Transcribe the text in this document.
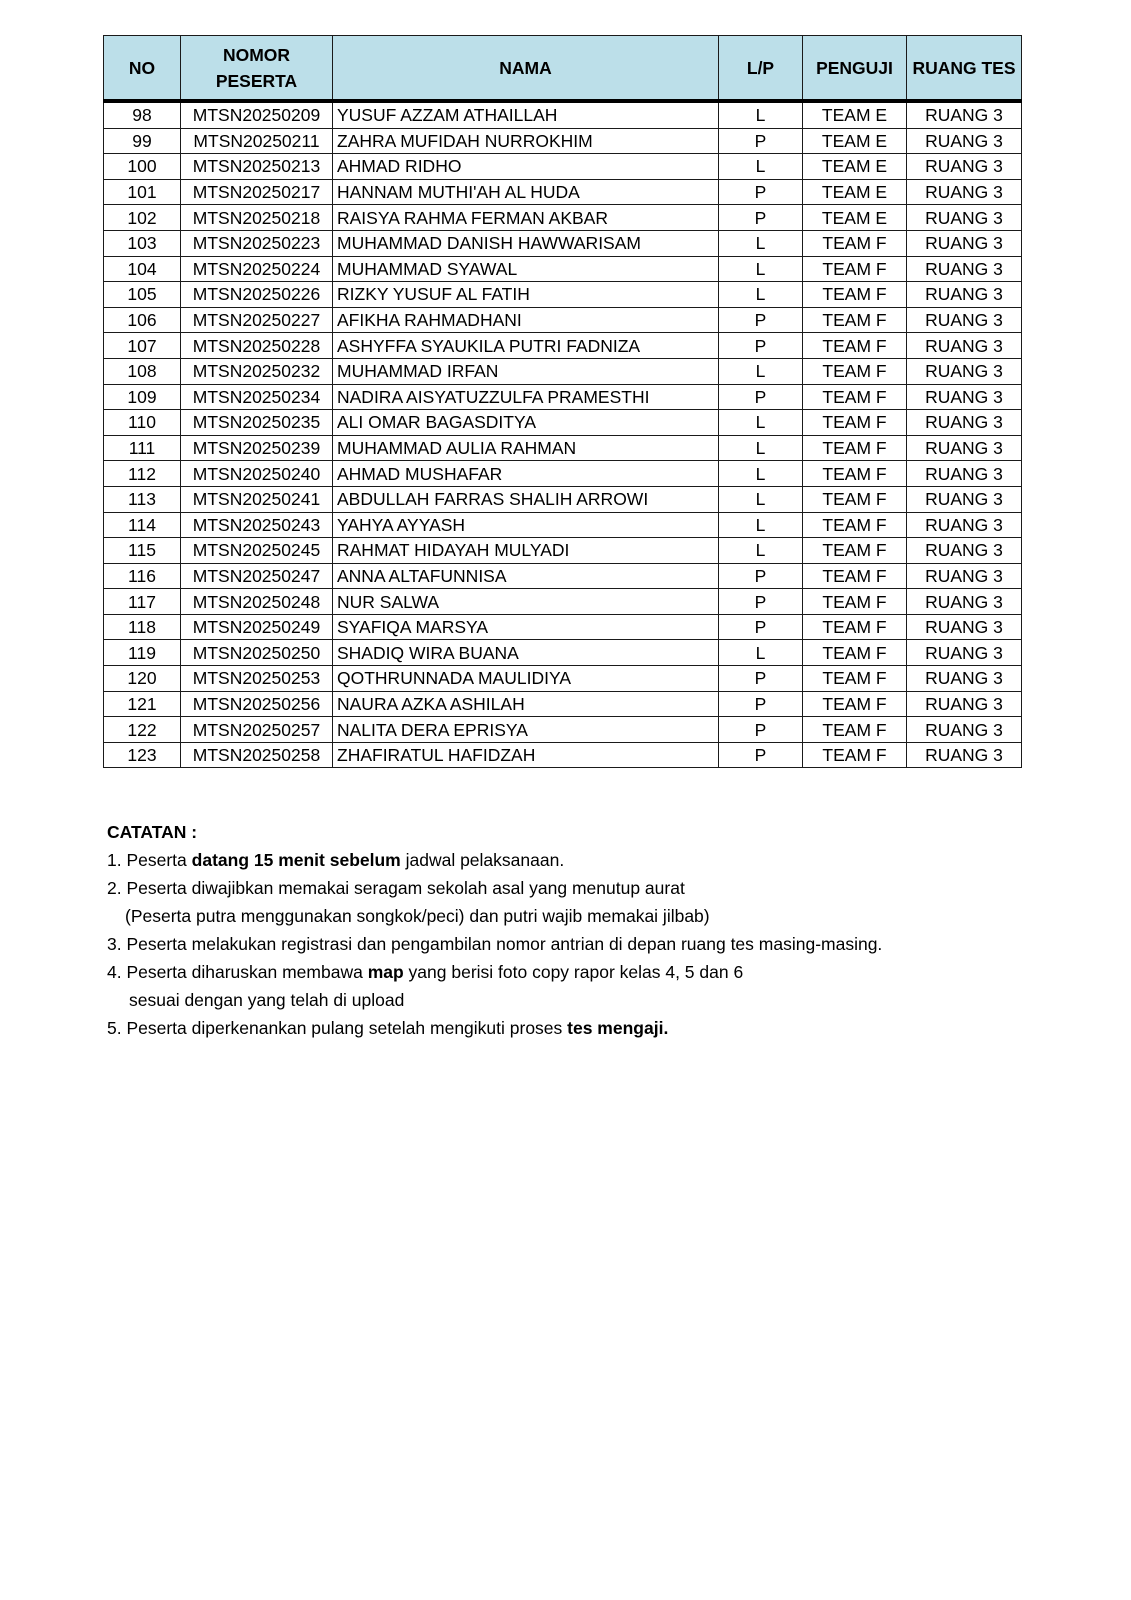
NO	NOMOR PESERTA	NAMA	L/P	PENGUJI	RUANG TES
98	MTSN20250209	YUSUF AZZAM ATHAILLAH	L	TEAM E	RUANG 3
99	MTSN20250211	ZAHRA MUFIDAH NURROKHIM	P	TEAM E	RUANG 3
100	MTSN20250213	AHMAD RIDHO	L	TEAM E	RUANG 3
101	MTSN20250217	HANNAM MUTHI'AH AL HUDA	P	TEAM E	RUANG 3
102	MTSN20250218	RAISYA RAHMA FERMAN AKBAR	P	TEAM E	RUANG 3
103	MTSN20250223	MUHAMMAD DANISH HAWWARISAM	L	TEAM F	RUANG 3
104	MTSN20250224	MUHAMMAD SYAWAL	L	TEAM F	RUANG 3
105	MTSN20250226	RIZKY YUSUF AL FATIH	L	TEAM F	RUANG 3
106	MTSN20250227	AFIKHA RAHMADHANI	P	TEAM F	RUANG 3
107	MTSN20250228	ASHYFFA SYAUKILA PUTRI FADNIZA	P	TEAM F	RUANG 3
108	MTSN20250232	MUHAMMAD IRFAN	L	TEAM F	RUANG 3
109	MTSN20250234	NADIRA AISYATUZZULFA PRAMESTHI	P	TEAM F	RUANG 3
110	MTSN20250235	ALI OMAR BAGASDITYA	L	TEAM F	RUANG 3
111	MTSN20250239	MUHAMMAD AULIA RAHMAN	L	TEAM F	RUANG 3
112	MTSN20250240	AHMAD MUSHAFAR	L	TEAM F	RUANG 3
113	MTSN20250241	ABDULLAH FARRAS SHALIH ARROWI	L	TEAM F	RUANG 3
114	MTSN20250243	YAHYA AYYASH	L	TEAM F	RUANG 3
115	MTSN20250245	RAHMAT HIDAYAH MULYADI	L	TEAM F	RUANG 3
116	MTSN20250247	ANNA ALTAFUNNISA	P	TEAM F	RUANG 3
117	MTSN20250248	NUR SALWA	P	TEAM F	RUANG 3
118	MTSN20250249	SYAFIQA MARSYA	P	TEAM F	RUANG 3
119	MTSN20250250	SHADIQ WIRA BUANA	L	TEAM F	RUANG 3
120	MTSN20250253	QOTHRUNNADA MAULIDIYA	P	TEAM F	RUANG 3
121	MTSN20250256	NAURA AZKA ASHILAH	P	TEAM F	RUANG 3
122	MTSN20250257	NALITA DERA EPRISYA	P	TEAM F	RUANG 3
123	MTSN20250258	ZHAFIRATUL HAFIDZAH	P	TEAM F	RUANG 3
CATATAN :
1. Peserta datang 15 menit sebelum jadwal pelaksanaan.
2. Peserta diwajibkan memakai seragam sekolah asal yang menutup aurat
(Peserta putra menggunakan songkok/peci) dan putri wajib memakai jilbab)
3. Peserta melakukan registrasi dan pengambilan nomor antrian di depan ruang tes masing-masing.
4. Peserta diharuskan membawa map yang berisi foto copy rapor kelas 4, 5 dan 6
sesuai dengan yang telah di upload
5. Peserta diperkenankan pulang setelah mengikuti proses tes mengaji.
